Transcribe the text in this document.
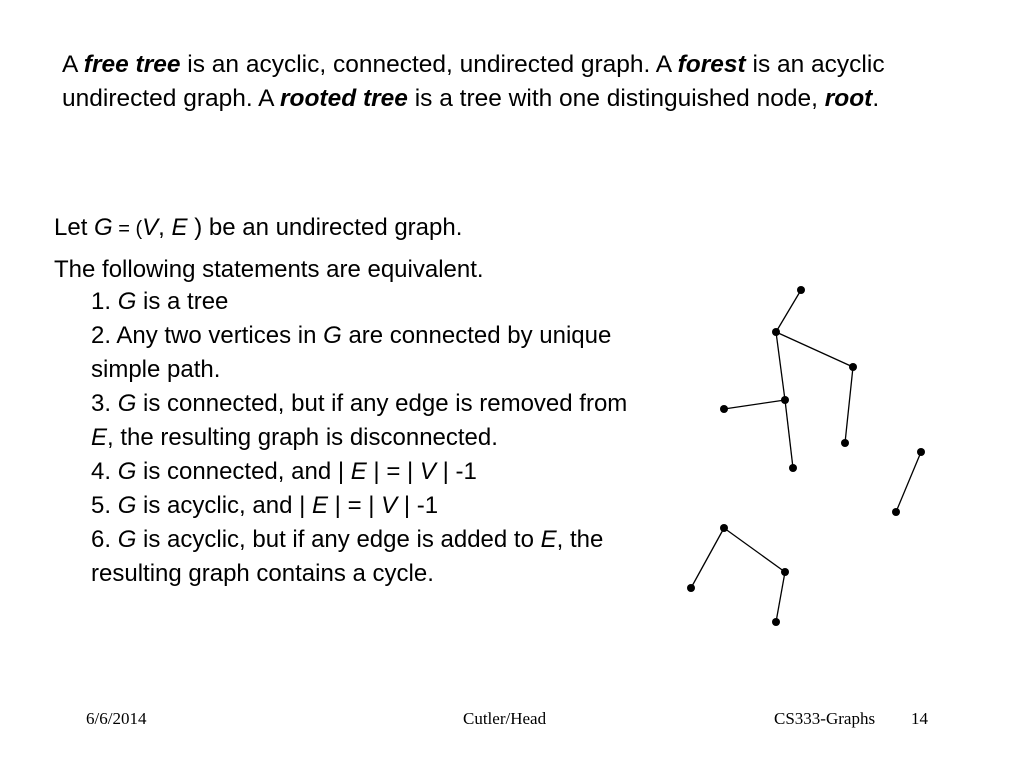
A free tree is an acyclic, connected, undirected graph. A forest is an acyclic undirected graph. A rooted tree is a tree with one distinguished node, root.
Let G = (V, E ) be an undirected graph.
The following statements are equivalent.

1. G is a tree

2. Any two vertices in G are connected by unique simple path.

3. G is connected, but if any edge is removed from E, the resulting graph is disconnected.

4. G is connected, and | E | = | V | -1

5. G is acyclic, and | E | = | V | -1

6. G is acyclic, but if any edge is added to E, the resulting graph contains a cycle.

6/6/2014	Cutler/Head	CS333-Graphs 14
